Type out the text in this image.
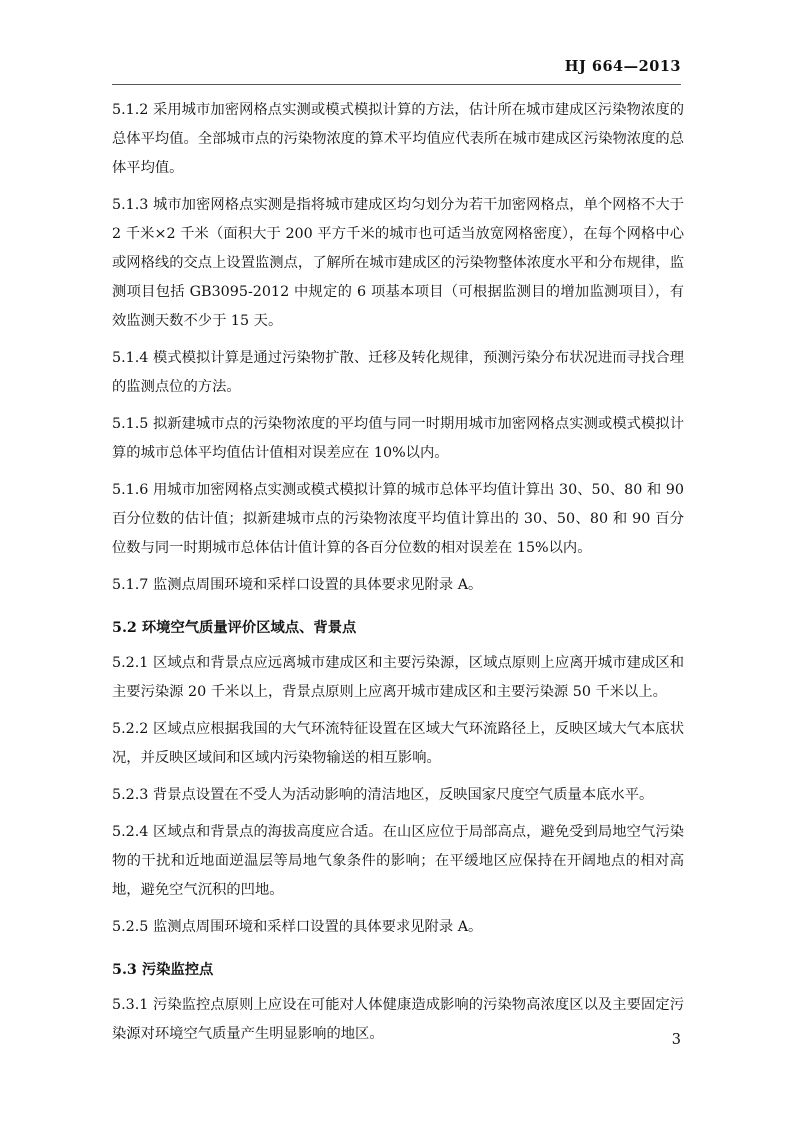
HJ 664—2013

5.1.2 采用城市加密网格点实测或模式模拟计算的方法，估计所在城市建成区污染物浓度的总体平均值。全部城市点的污染物浓度的算术平均值应代表所在城市建成区污染物浓度的总体平均值。

5.1.3 城市加密网格点实测是指将城市建成区均匀划分为若干加密网格点，单个网格不大于 2 千米×2 千米（面积大于 200 平方千米的城市也可适当放宽网格密度），在每个网格中心或网格线的交点上设置监测点，了解所在城市建成区的污染物整体浓度水平和分布规律，监测项目包括 GB3095-2012 中规定的 6 项基本项目（可根据监测目的增加监测项目），有效监测天数不少于 15 天。

5.1.4 模式模拟计算是通过污染物扩散、迁移及转化规律，预测污染分布状况进而寻找合理的监测点位的方法。

5.1.5 拟新建城市点的污染物浓度的平均值与同一时期用城市加密网格点实测或模式模拟计算的城市总体平均值估计值相对误差应在 10%以内。

5.1.6 用城市加密网格点实测或模式模拟计算的城市总体平均值计算出 30、50、80 和 90 百分位数的估计值；拟新建城市点的污染物浓度平均值计算出的 30、50、80 和 90 百分位数与同一时期城市总体估计值计算的各百分位数的相对误差在 15%以内。

5.1.7 监测点周围环境和采样口设置的具体要求见附录 A。

5.2 环境空气质量评价区域点、背景点

5.2.1 区域点和背景点应远离城市建成区和主要污染源，区域点原则上应离开城市建成区和主要污染源 20 千米以上，背景点原则上应离开城市建成区和主要污染源 50 千米以上。

5.2.2 区域点应根据我国的大气环流特征设置在区域大气环流路径上，反映区域大气本底状况，并反映区域间和区域内污染物输送的相互影响。

5.2.3 背景点设置在不受人为活动影响的清洁地区，反映国家尺度空气质量本底水平。

5.2.4 区域点和背景点的海拔高度应合适。在山区应位于局部高点，避免受到局地空气污染物的干扰和近地面逆温层等局地气象条件的影响；在平缓地区应保持在开阔地点的相对高地，避免空气沉积的凹地。

5.2.5 监测点周围环境和采样口设置的具体要求见附录 A。

5.3 污染监控点

5.3.1 污染监控点原则上应设在可能对人体健康造成影响的污染物高浓度区以及主要固定污染源对环境空气质量产生明显影响的地区。	3
